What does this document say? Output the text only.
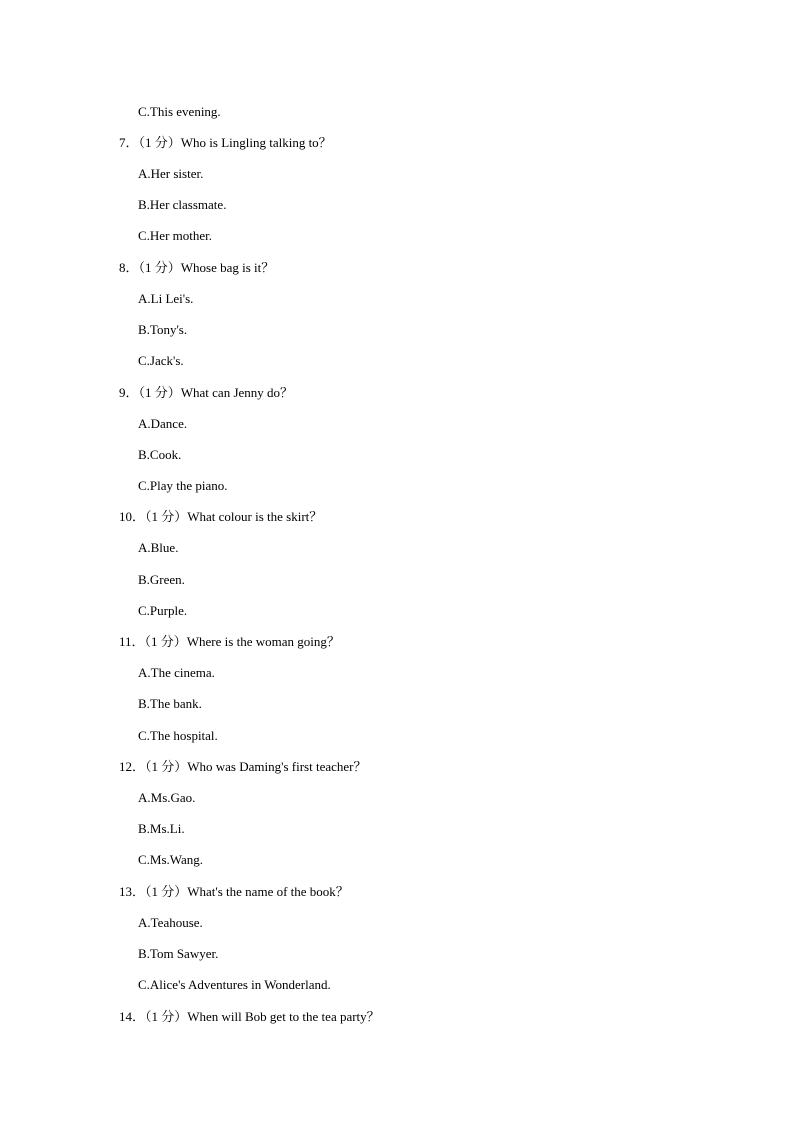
C.This evening.
7．（1 分）Who is Lingling talking to？
A.Her sister.
B.Her classmate.
C.Her mother.
8．（1 分）Whose bag is it？
A.Li Lei's.
B.Tony's.
C.Jack's.
9．（1 分）What can Jenny do？
A.Dance.
B.Cook.
C.Play the piano.
10．（1 分）What colour is the skirt？
A.Blue.
B.Green.
C.Purple.
11．（1 分）Where is the woman going？
A.The cinema.
B.The bank.
C.The hospital.
12．（1 分）Who was Daming's first teacher？
A.Ms.Gao.
B.Ms.Li.
C.Ms.Wang.
13．（1 分）What's the name of the book？
A.Teahouse.
B.Tom Sawyer.
C.Alice's Adventures in Wonderland.
14．（1 分）When will Bob get to the tea party？
